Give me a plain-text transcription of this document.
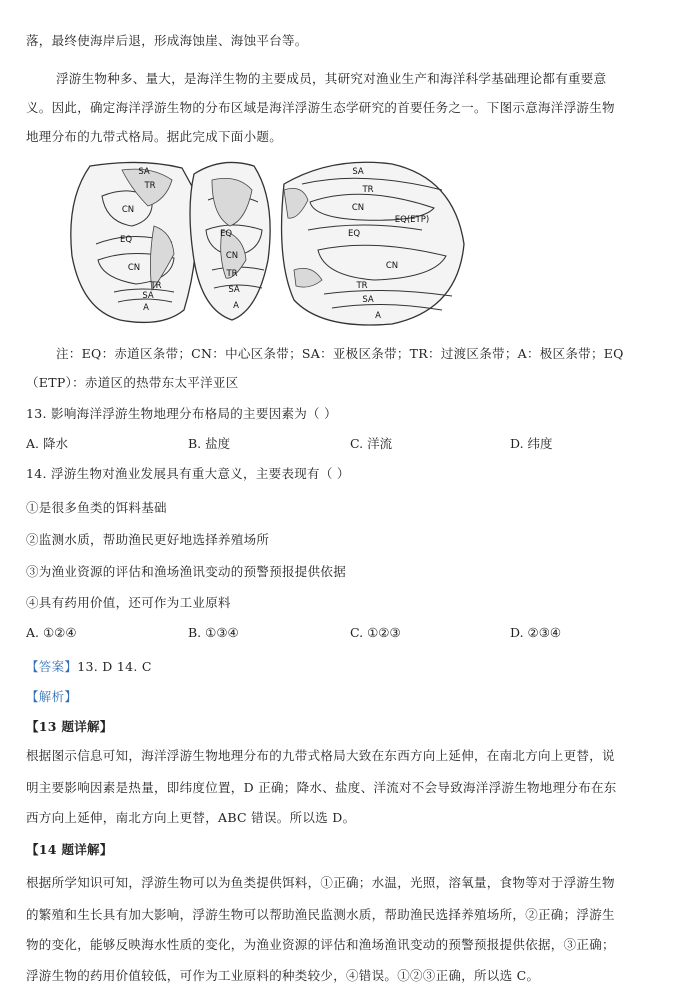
落，最终使海岸后退，形成海蚀崖、海蚀平台等。
浮游生物种多、量大，是海洋生物的主要成员，其研究对渔业生产和海洋科学基础理论都有重要意
义。因此，确定海洋浮游生物的分布区域是海洋浮游生态学研究的首要任务之一。下图示意海洋浮游生物
地理分布的九带式格局。据此完成下面小题。
SA
TR
CN
EQ
CN
TR
SA
A
EQ
CN
TR
SA
A
SA
TR
CN
EQ(ETP)
EQ
CN
TR
SA
A
注：EQ：赤道区条带；CN：中心区条带；SA：亚极区条带；TR：过渡区条带；A：极区条带；EQ
（ETP）：赤道区的热带东太平洋亚区
13. 影响海洋浮游生物地理分布格局的主要因素为（ ）
A. 降水	B. 盐度	C. 洋流	D. 纬度
14. 浮游生物对渔业发展具有重大意义，主要表现有（ ）
①是很多鱼类的饵料基础
②监测水质，帮助渔民更好地选择养殖场所
③为渔业资源的评估和渔场渔讯变动的预警预报提供依据
④具有药用价值，还可作为工业原料
A. ①②④	B. ①③④	C. ①②③	D. ②③④
【答案】13. D 14. C
【解析】
【13 题详解】
根据图示信息可知，海洋浮游生物地理分布的九带式格局大致在东西方向上延伸，在南北方向上更替，说
明主要影响因素是热量，即纬度位置，D 正确；降水、盐度、洋流对不会导致海洋浮游生物地理分布在东
西方向上延伸，南北方向上更替，ABC 错误。所以选 D。
【14 题详解】
根据所学知识可知，浮游生物可以为鱼类提供饵料，①正确；水温，光照，溶氧量，食物等对于浮游生物
的繁殖和生长具有加大影响，浮游生物可以帮助渔民监测水质，帮助渔民选择养殖场所，②正确；浮游生
物的变化，能够反映海水性质的变化，为渔业资源的评估和渔场渔讯变动的预警预报提供依据，③正确；
浮游生物的药用价值较低，可作为工业原料的种类较少，④错误。①②③正确，所以选 C。
